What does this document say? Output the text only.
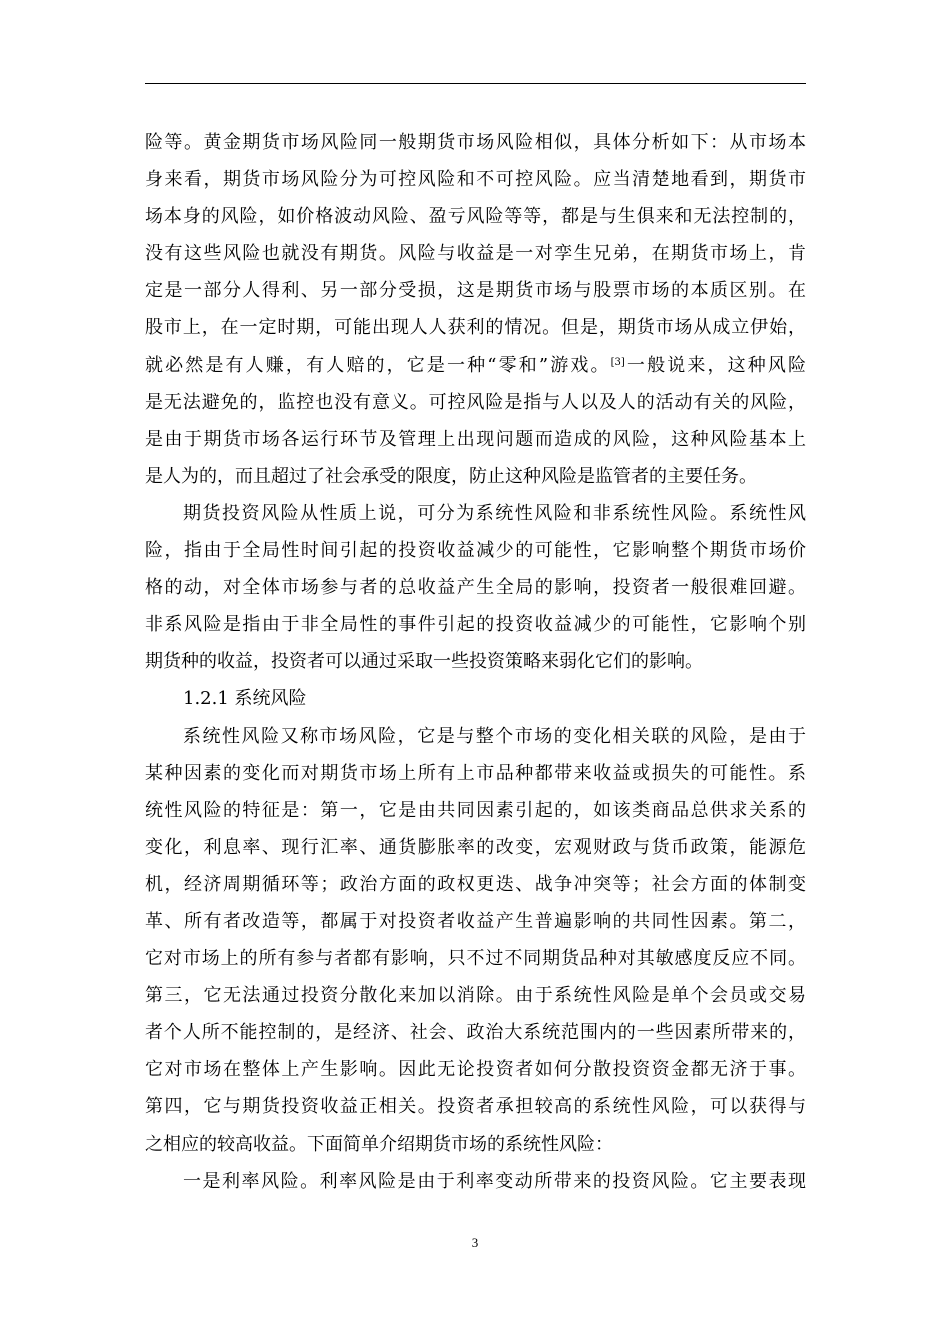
险等。黄金期货市场风险同一般期货市场风险相似，具体分析如下：从市场本
身来看，期货市场风险分为可控风险和不可控风险。应当清楚地看到，期货市
场本身的风险，如价格波动风险、盈亏风险等等，都是与生俱来和无法控制的，
没有这些风险也就没有期货。风险与收益是一对孪生兄弟，在期货市场上，肯
定是一部分人得利、另一部分受损，这是期货市场与股票市场的本质区别。在
股市上，在一定时期，可能出现人人获利的情况。但是，期货市场从成立伊始，
就必然是有人赚，有人赔的，它是一种“零和”游戏。[3]一般说来，这种风险
是无法避免的，监控也没有意义。可控风险是指与人以及人的活动有关的风险，
是由于期货市场各运行环节及管理上出现问题而造成的风险，这种风险基本上
是人为的，而且超过了社会承受的限度，防止这种风险是监管者的主要任务。
期货投资风险从性质上说，可分为系统性风险和非系统性风险。系统性风
险，指由于全局性时间引起的投资收益减少的可能性，它影响整个期货市场价
格的动，对全体市场参与者的总收益产生全局的影响，投资者一般很难回避。
非系风险是指由于非全局性的事件引起的投资收益减少的可能性，它影响个别
期货种的收益，投资者可以通过采取一些投资策略来弱化它们的影响。
1.2.1 系统风险
系统性风险又称市场风险，它是与整个市场的变化相关联的风险，是由于
某种因素的变化而对期货市场上所有上市品种都带来收益或损失的可能性。系
统性风险的特征是：第一，它是由共同因素引起的，如该类商品总供求关系的
变化，利息率、现行汇率、通货膨胀率的改变，宏观财政与货币政策，能源危
机，经济周期循环等；政治方面的政权更迭、战争冲突等；社会方面的体制变
革、所有者改造等，都属于对投资者收益产生普遍影响的共同性因素。第二，
它对市场上的所有参与者都有影响，只不过不同期货品种对其敏感度反应不同。
第三，它无法通过投资分散化来加以消除。由于系统性风险是单个会员或交易
者个人所不能控制的，是经济、社会、政治大系统范围内的一些因素所带来的，
它对市场在整体上产生影响。因此无论投资者如何分散投资资金都无济于事。
第四，它与期货投资收益正相关。投资者承担较高的系统性风险，可以获得与
之相应的较高收益。下面简单介绍期货市场的系统性风险：
一是利率风险。利率风险是由于利率变动所带来的投资风险。它主要表现
3
